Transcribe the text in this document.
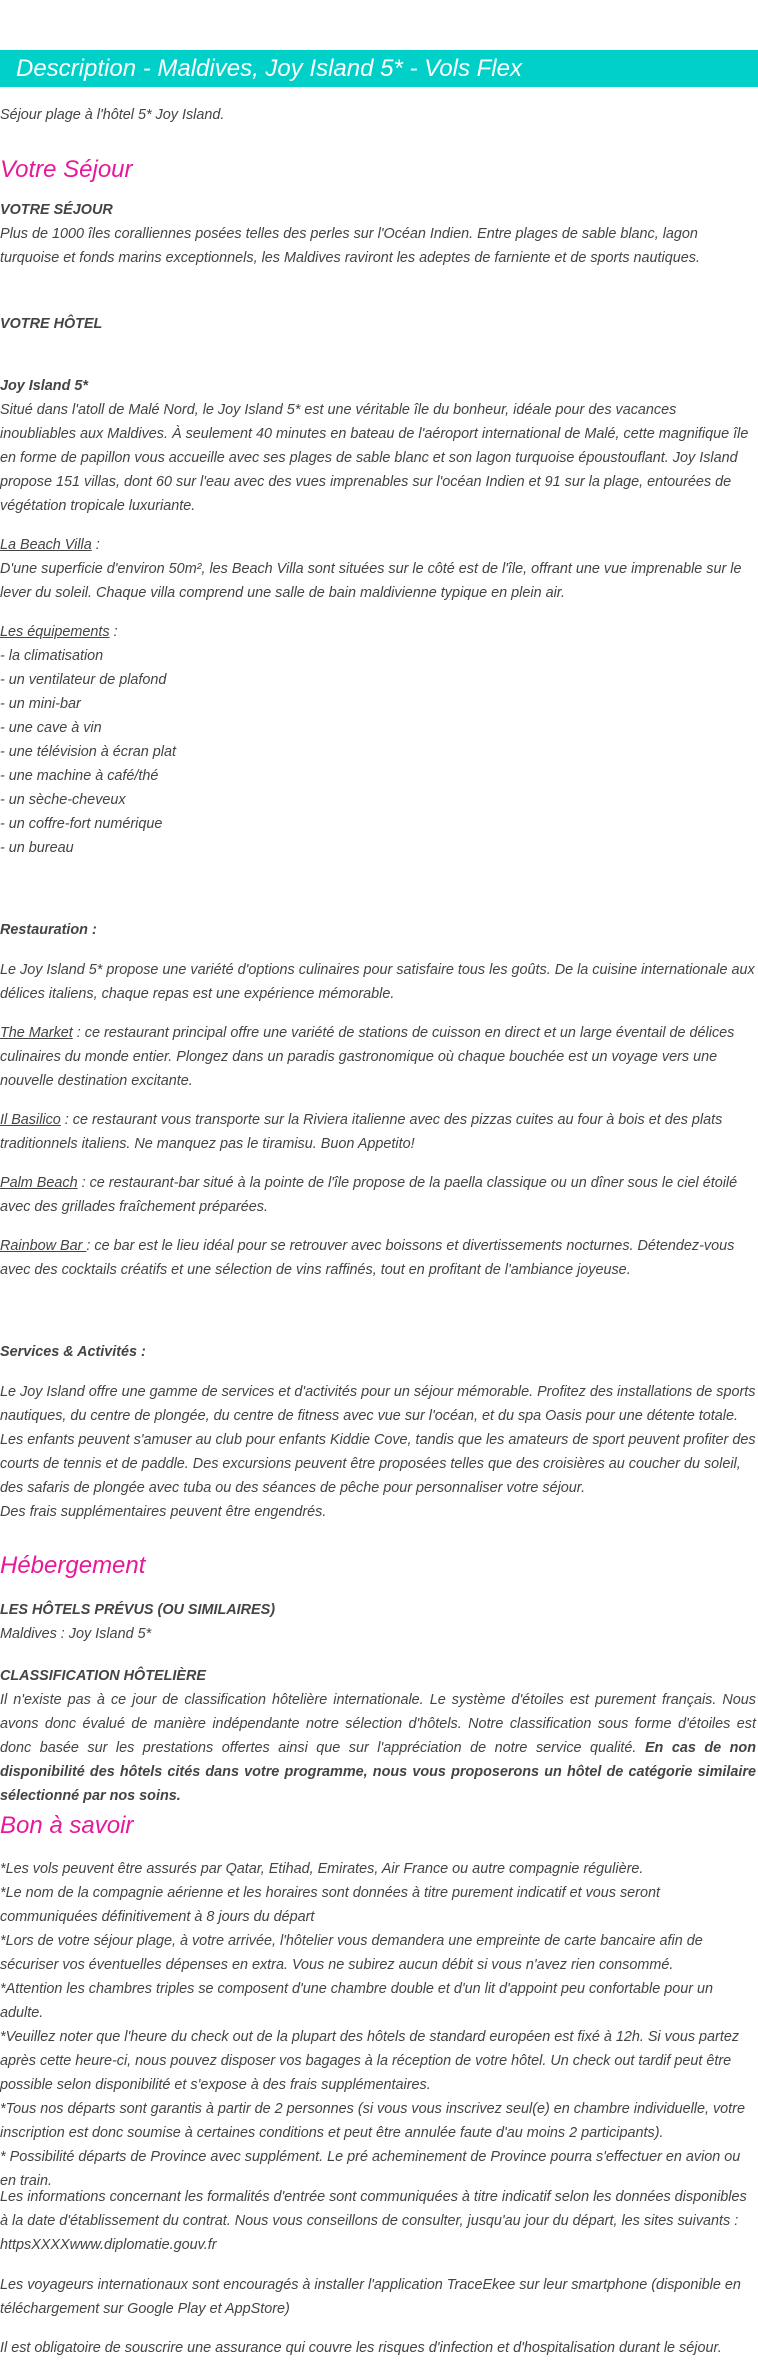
Description - Maldives, Joy Island 5* - Vols Flex

Séjour plage à l'hôtel 5* Joy Island.

Votre Séjour

VOTRE SÉJOUR

Plus de 1000 îles coralliennes posées telles des perles sur l'Océan Indien. Entre plages de sable blanc, lagon turquoise et fonds marins exceptionnels, les Maldives raviront les adeptes de farniente et de sports nautiques.

VOTRE HÔTEL

Joy Island 5*

Situé dans l'atoll de Malé Nord, le Joy Island 5* est une véritable île du bonheur, idéale pour des vacances inoubliables aux Maldives. À seulement 40 minutes en bateau de l'aéroport international de Malé, cette magnifique île en forme de papillon vous accueille avec ses plages de sable blanc et son lagon turquoise époustouflant. Joy Island propose 151 villas, dont 60 sur l'eau avec des vues imprenables sur l'océan Indien et 91 sur la plage, entourées de végétation tropicale luxuriante.

La Beach Villa :

D'une superficie d'environ 50m², les Beach Villa sont situées sur le côté est de l'île, offrant une vue imprenable sur le lever du soleil. Chaque villa comprend une salle de bain maldivienne typique en plein air.

Les équipements :

- la climatisation
- un ventilateur de plafond
- un mini-bar
- une cave à vin
- une télévision à écran plat
- une machine à café/thé
- un sèche-cheveux
- un coffre-fort numérique
- un bureau

Restauration :

Le Joy Island 5* propose une variété d'options culinaires pour satisfaire tous les goûts. De la cuisine internationale aux délices italiens, chaque repas est une expérience mémorable.

The Market : ce restaurant principal offre une variété de stations de cuisson en direct et un large éventail de délices culinaires du monde entier. Plongez dans un paradis gastronomique où chaque bouchée est un voyage vers une nouvelle destination excitante.

Il Basilico : ce restaurant vous transporte sur la Riviera italienne avec des pizzas cuites au four à bois et des plats traditionnels italiens. Ne manquez pas le tiramisu. Buon Appetito!

Palm Beach : ce restaurant-bar situé à la pointe de l'île propose de la paella classique ou un dîner sous le ciel étoilé avec des grillades fraîchement préparées.

Rainbow Bar : ce bar est le lieu idéal pour se retrouver avec boissons et divertissements nocturnes. Détendez-vous avec des cocktails créatifs et une sélection de vins raffinés, tout en profitant de l'ambiance joyeuse.

Services & Activités :

Le Joy Island offre une gamme de services et d'activités pour un séjour mémorable. Profitez des installations de sports nautiques, du centre de plongée, du centre de fitness avec vue sur l'océan, et du spa Oasis pour une détente totale. Les enfants peuvent s'amuser au club pour enfants Kiddie Cove, tandis que les amateurs de sport peuvent profiter des courts de tennis et de paddle. Des excursions peuvent être proposées telles que des croisières au coucher du soleil, des safaris de plongée avec tuba ou des séances de pêche pour personnaliser votre séjour.

Des frais supplémentaires peuvent être engendrés.

Hébergement

LES HÔTELS PRÉVUS (OU SIMILAIRES)

Maldives : Joy Island 5*

CLASSIFICATION HÔTELIÈRE

Il n'existe pas à ce jour de classification hôtelière internationale. Le système d'étoiles est purement français. Nous avons donc évalué de manière indépendante notre sélection d'hôtels. Notre classification sous forme d'étoiles est donc basée sur les prestations offertes ainsi que sur l'appréciation de notre service qualité. En cas de non disponibilité des hôtels cités dans votre programme, nous vous proposerons un hôtel de catégorie similaire sélectionné par nos soins.

Bon à savoir

*Les vols peuvent être assurés par Qatar, Etihad, Emirates, Air France ou autre compagnie régulière.
*Le nom de la compagnie aérienne et les horaires sont données à titre purement indicatif et vous seront communiquées définitivement à 8 jours du départ
*Lors de votre séjour plage, à votre arrivée, l'hôtelier vous demandera une empreinte de carte bancaire afin de sécuriser vos éventuelles dépenses en extra. Vous ne subirez aucun débit si vous n'avez rien consommé.
*Attention les chambres triples se composent d'une chambre double et d'un lit d'appoint peu confortable pour un adulte.
*Veuillez noter que l'heure du check out de la plupart des hôtels de standard européen est fixé à 12h. Si vous partez après cette heure-ci, nous pouvez disposer vos bagages à la réception de votre hôtel. Un check out tardif peut être possible selon disponibilité et s'expose à des frais supplémentaires.
*Tous nos départs sont garantis à partir de 2 personnes (si vous vous inscrivez seul(e) en chambre individuelle, votre inscription est donc soumise à certaines conditions et peut être annulée faute d'au moins 2 participants).
* Possibilité départs de Province avec supplément. Le pré acheminement de Province pourra s'effectuer en avion ou en train.

Les informations concernant les formalités d'entrée sont communiquées à titre indicatif selon les données disponibles à la date d'établissement du contrat. Nous vous conseillons de consulter, jusqu'au jour du départ, les sites suivants : httpsXXXXwww.diplomatie.gouv.fr

Les voyageurs internationaux sont encouragés à installer l'application TraceEkee sur leur smartphone (disponible en téléchargement sur Google Play et AppStore)

Il est obligatoire de souscrire une assurance qui couvre les risques d'infection et d'hospitalisation durant le séjour.
